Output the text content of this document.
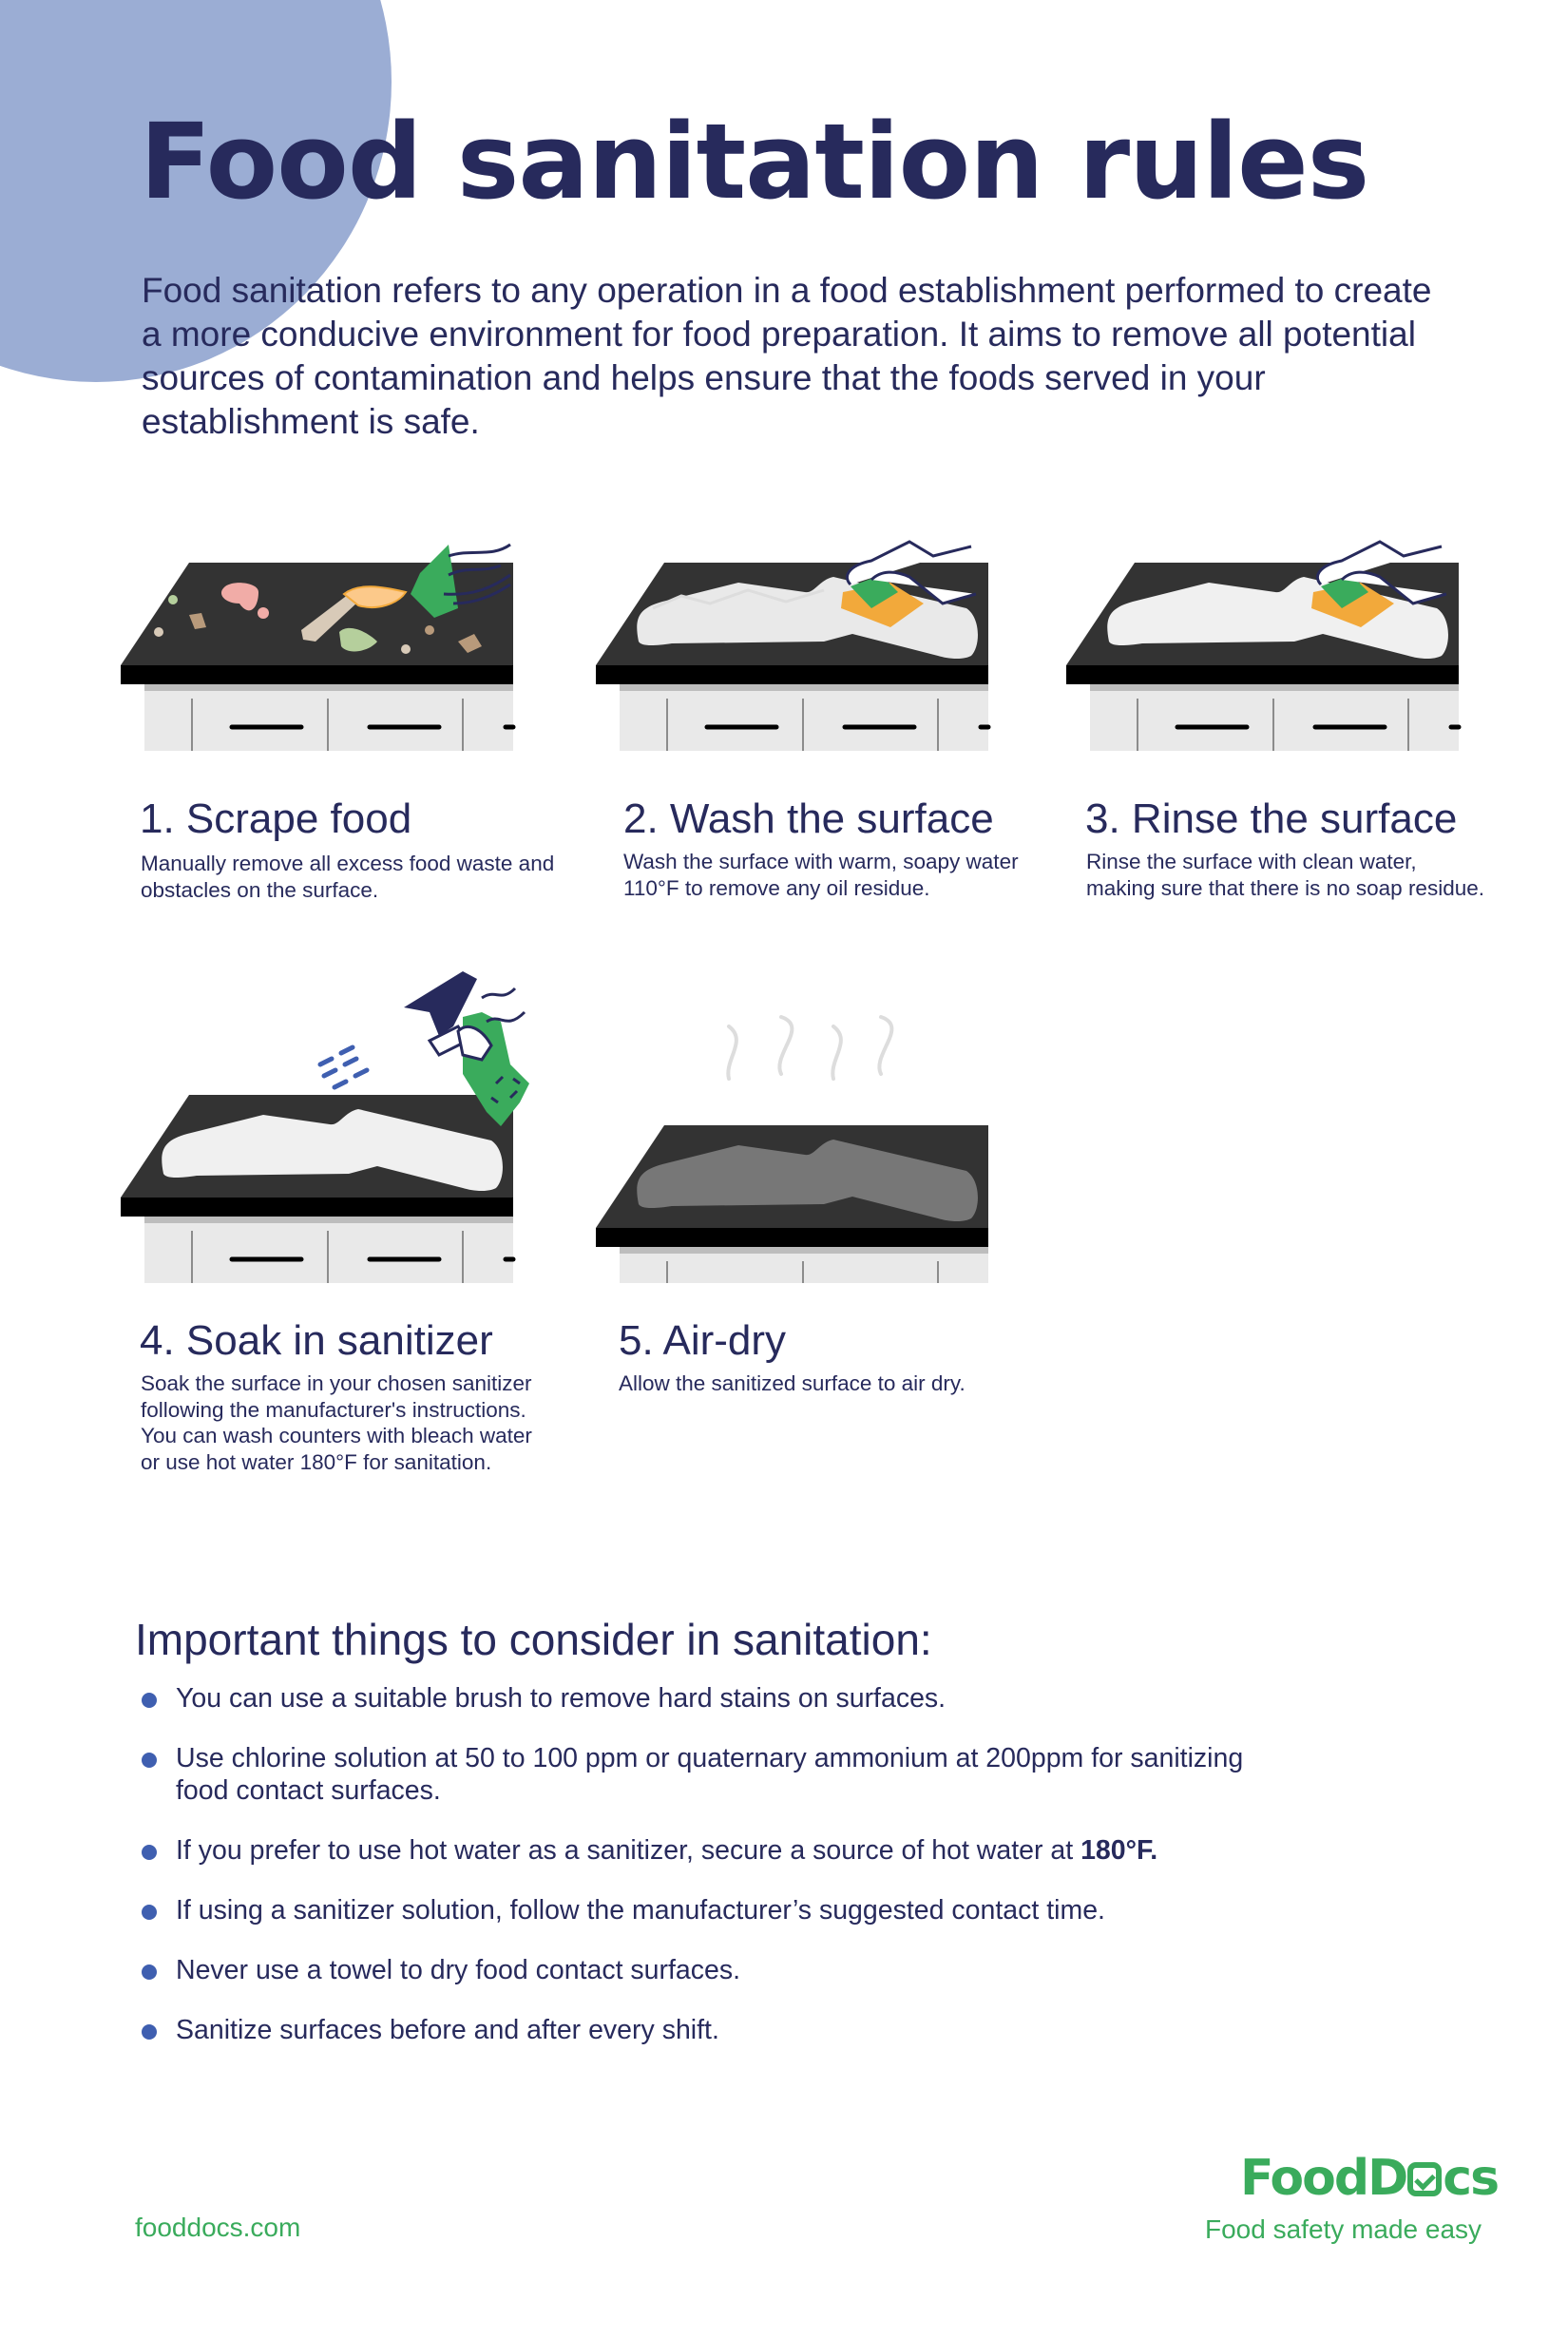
Food sanitation rules

Food sanitation refers to any operation in a food establishment performed to create a more conducive environment for food preparation. It aims to remove all potential sources of contamination and helps ensure that the foods served in your establishment is safe.

1. Scrape food

Manually remove all excess food waste and obstacles on the surface.

2. Wash the surface

Wash the surface with warm, soapy water 110°F to remove any oil residue.

3. Rinse the surface

Rinse the surface with clean water, making sure that there is no soap residue.

4. Soak in sanitizer

Soak the surface in your chosen sanitizer following the manufacturer's instructions. You can wash counters with bleach water or use hot water 180°F for sanitation.

5. Air-dry

Allow the sanitized surface to air dry.

Important things to consider in sanitation:
You can use a suitable brush to remove hard stains on surfaces.
Use chlorine solution at 50 to 100 ppm or quaternary ammonium at 200ppm for sanitizing food contact surfaces.
If you prefer to use hot water as a sanitizer, secure a source of hot water at 180°F.
If using a sanitizer solution, follow the manufacturer’s suggested contact time.
Never use a towel to dry food contact surfaces.
Sanitize surfaces before and after every shift.
fooddocs.com
FoodD cs
Food safety made easy
